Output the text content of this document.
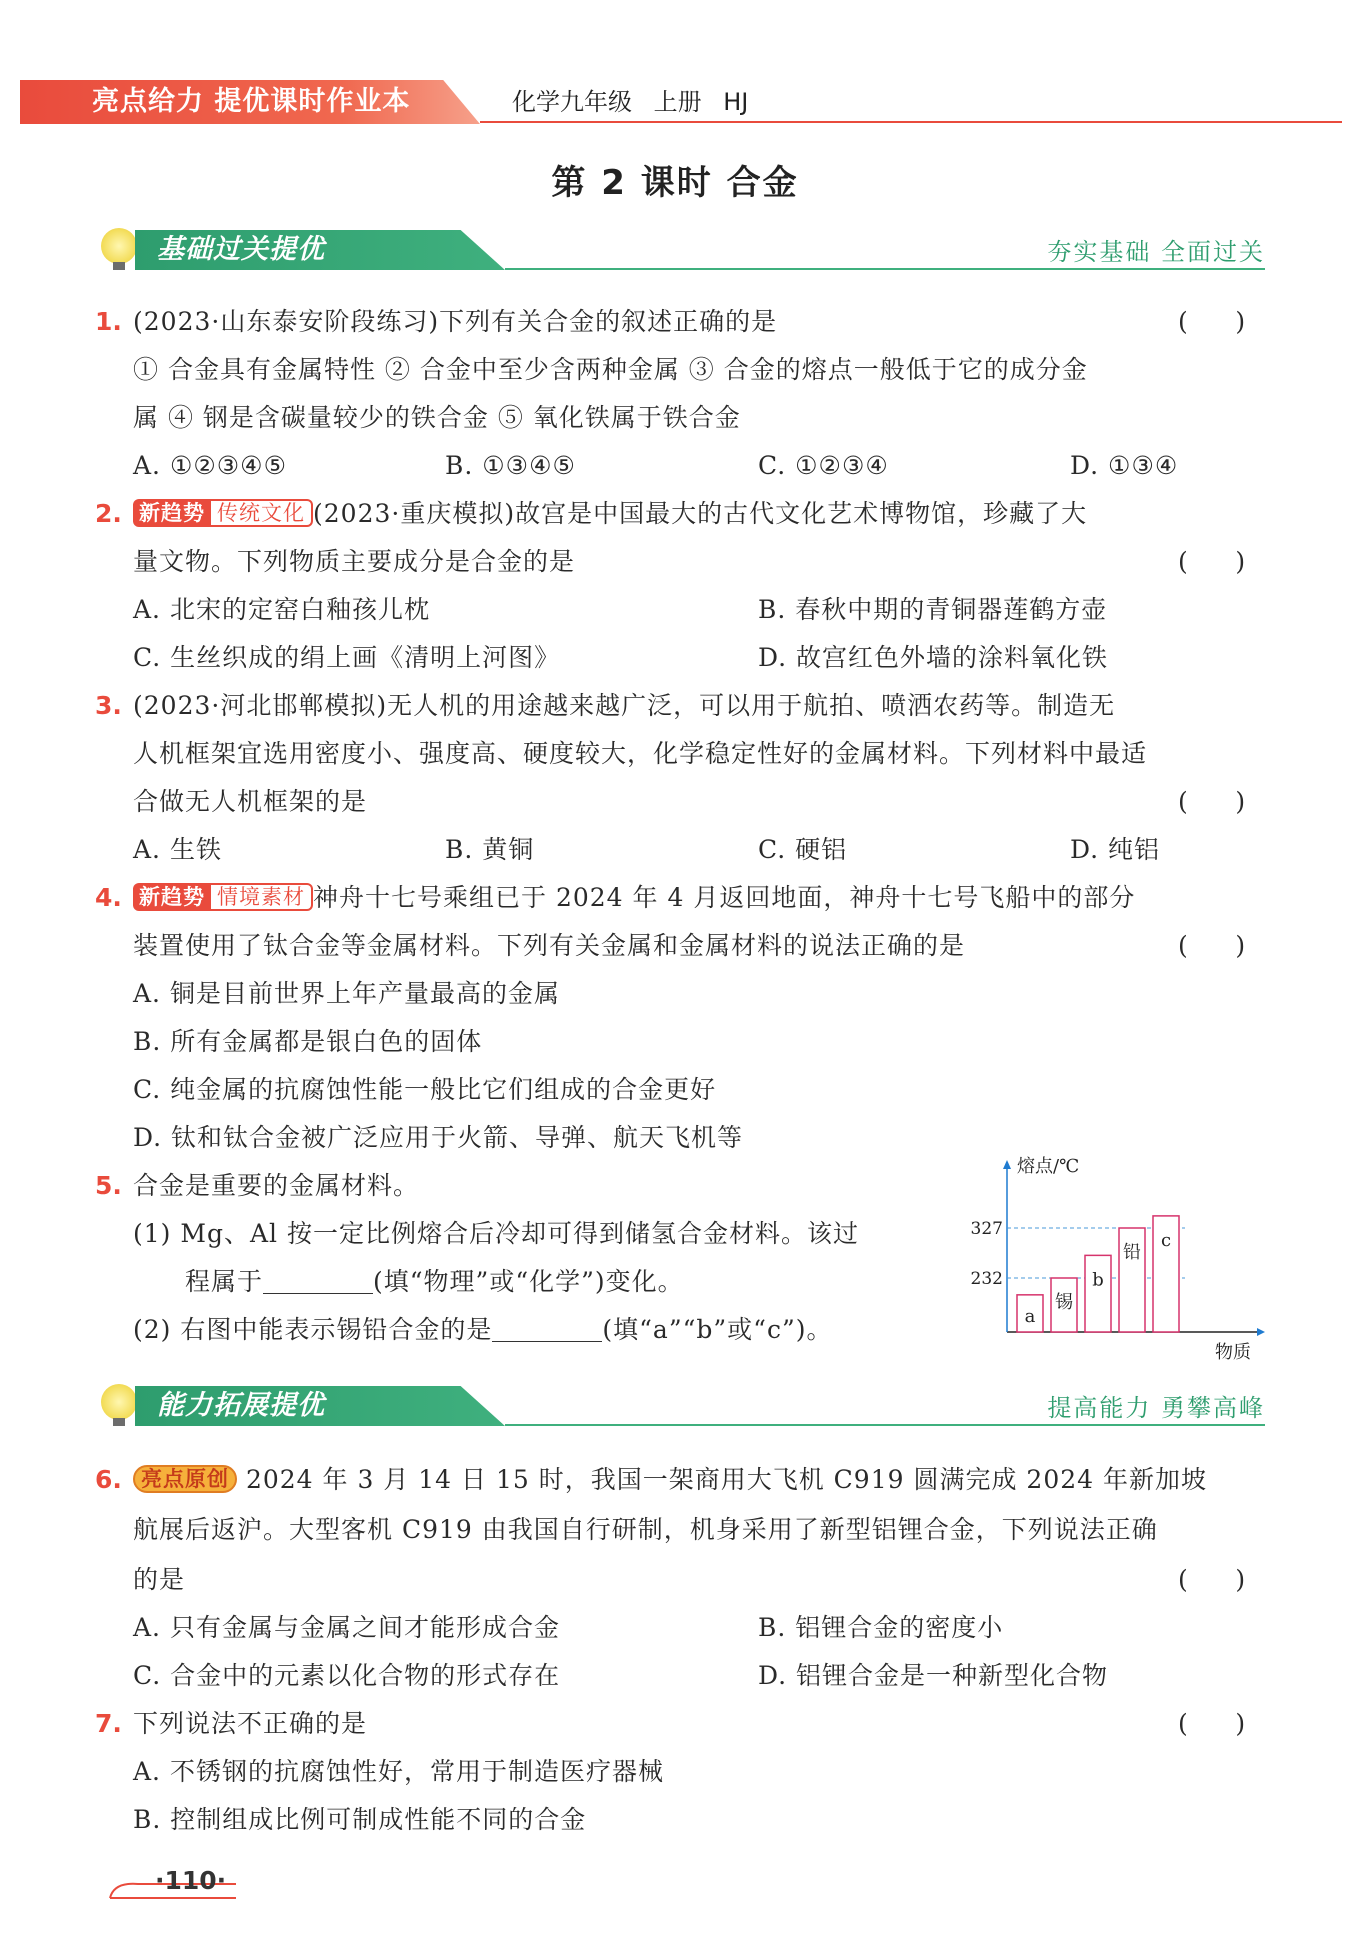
亮点给力 提优课时作业本	化学九年级 上册 HJ
第 2 课时 合金
基础过关提优	夯实基础 全面过关
1. (2023·山东泰安阶段练习)下列有关合金的叙述正确的是	(      )
① 合金具有金属特性 ② 合金中至少含两种金属 ③ 合金的熔点一般低于它的成分金
属 ④ 钢是含碳量较少的铁合金 ⑤ 氧化铁属于铁合金
A. ①②③④⑤	B. ①③④⑤	C. ①②③④	D. ①③④
2. 新趋势 传统文化 (2023·重庆模拟)故宫是中国最大的古代文化艺术博物馆，珍藏了大
量文物。下列物质主要成分是合金的是	(      )
A. 北宋的定窑白釉孩儿枕	B. 春秋中期的青铜器莲鹤方壶
C. 生丝织成的绢上画《清明上河图》	D. 故宫红色外墙的涂料氧化铁
3. (2023·河北邯郸模拟)无人机的用途越来越广泛，可以用于航拍、喷洒农药等。制造无
人机框架宜选用密度小、强度高、硬度较大，化学稳定性好的金属材料。下列材料中最适
合做无人机框架的是	(      )
A. 生铁	B. 黄铜	C. 硬铝	D. 纯铝
4. 新趋势 情境素材 神舟十七号乘组已于 2024 年 4 月返回地面，神舟十七号飞船中的部分
装置使用了钛合金等金属材料。下列有关金属和金属材料的说法正确的是	(      )
A. 铜是目前世界上年产量最高的金属
B. 所有金属都是银白色的固体
C. 纯金属的抗腐蚀性能一般比它们组成的合金更好
D. 钛和钛合金被广泛应用于火箭、导弹、航天飞机等
5. 合金是重要的金属材料。
(1) Mg、Al 按一定比例熔合后冷却可得到储氢合金材料。该过
程属于	(填“物理”或“化学”)变化。
(2) 右图中能表示锡铅合金的是	(填“a”“b”或“c”)。
熔点/℃
物质
232
327
a
锡
b
铅
c
能力拓展提优	提高能力 勇攀高峰
6. 亮点原创 2024 年 3 月 14 日 15 时，我国一架商用大飞机 C919 圆满完成 2024 年新加坡
航展后返沪。大型客机 C919 由我国自行研制，机身采用了新型铝锂合金，下列说法正确
的是	(      )
A. 只有金属与金属之间才能形成合金	B. 铝锂合金的密度小
C. 合金中的元素以化合物的形式存在	D. 铝锂合金是一种新型化合物
7. 下列说法不正确的是	(      )
A. 不锈钢的抗腐蚀性好，常用于制造医疗器械
B. 控制组成比例可制成性能不同的合金
·110·
